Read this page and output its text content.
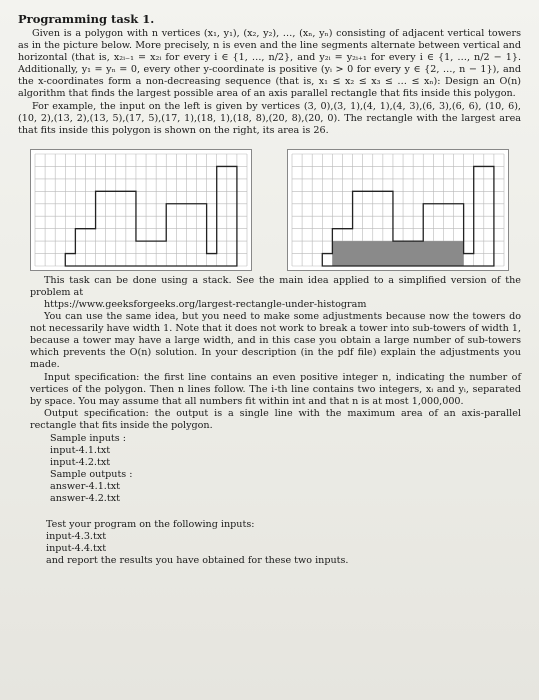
Programming task 1.

Given is a polygon with n vertices (x₁, y₁), (x₂, y₂), …, (xₙ, yₙ) consisting of adjacent vertical towers as in the picture below. More precisely, n is even and the line segments alternate between vertical and horizontal (that is, x₂ᵢ₋₁ = x₂ᵢ for every i ∈ {1, …, n/2}, and y₂ᵢ = y₂ᵢ₊₁ for every i ∈ {1, …, n/2 − 1}. Additionally, y₁ = yₙ = 0, every other y-coordinate is positive (yᵢ > 0 for every y ∈ {2, …, n − 1}), and the x-coordinates form a non-decreasing sequence (that is, x₁ ≤ x₂ ≤ x₃ ≤ … ≤ xₙ): Design an O(n) algorithm that finds the largest possible area of an axis parallel rectangle that fits inside this polygon.

For example, the input on the left is given by vertices (3, 0),(3, 1),(4, 1),(4, 3),(6, 3),(6, 6), (10, 6),(10, 2),(13, 2),(13, 5),(17, 5),(17, 1),(18, 1),(18, 8),(20, 8),(20, 0). The rectangle with the largest area that fits inside this polygon is shown on the right, its area is 26.

This task can be done using a stack. See the main idea applied to a simplified version of the problem at

https://www.geeksforgeeks.org/largest-rectangle-under-histogram

You can use the same idea, but you need to make some adjustments because now the towers do not necessarily have width 1. Note that it does not work to break a tower into sub-towers of width 1, because a tower may have a large width, and in this case you obtain a large number of sub-towers which prevents the O(n) solution. In your description (in the pdf file) explain the adjustments you made.

Input specification: the first line contains an even positive integer n, indicating the number of vertices of the polygon. Then n lines follow. The i-th line contains two integers, xᵢ and yᵢ, separated by space. You may assume that all numbers fit within int and that n is at most 1,000,000.

Output specification: the output is a single line with the maximum area of an axis-parallel rectangle that fits inside the polygon.

Sample inputs :
input-4.1.txt
input-4.2.txt
Sample outputs :
answer-4.1.txt
answer-4.2.txt
Test your program on the following inputs:
input-4.3.txt
input-4.4.txt
and report the results you have obtained for these two inputs.
